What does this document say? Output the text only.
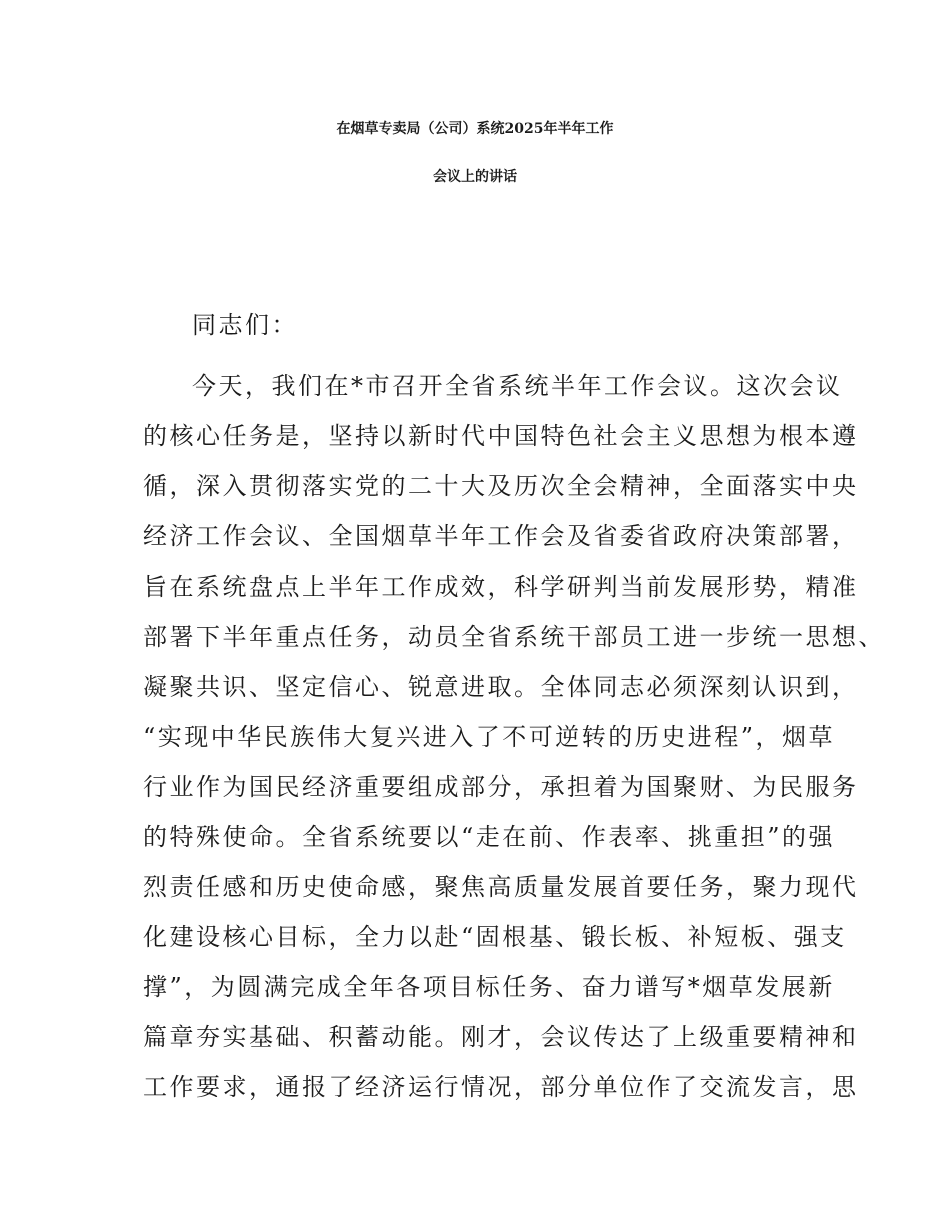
在烟草专卖局（公司）系统2025年半年工作
会议上的讲话
同志们：
今天，我们在*市召开全省系统半年工作会议。这次会议
的核心任务是，坚持以新时代中国特色社会主义思想为根本遵
循，深入贯彻落实党的二十大及历次全会精神，全面落实中央
经济工作会议、全国烟草半年工作会及省委省政府决策部署，
旨在系统盘点上半年工作成效，科学研判当前发展形势，精准
部署下半年重点任务，动员全省系统干部员工进一步统一思想、
凝聚共识、坚定信心、锐意进取。全体同志必须深刻认识到，
“实现中华民族伟大复兴进入了不可逆转的历史进程”，烟草
行业作为国民经济重要组成部分，承担着为国聚财、为民服务
的特殊使命。全省系统要以“走在前、作表率、挑重担”的强
烈责任感和历史使命感，聚焦高质量发展首要任务，聚力现代
化建设核心目标，全力以赴“固根基、锻长板、补短板、强支
撑”，为圆满完成全年各项目标任务、奋力谱写*烟草发展新
篇章夯实基础、积蓄动能。刚才，会议传达了上级重要精神和
工作要求，通报了经济运行情况，部分单位作了交流发言，思
